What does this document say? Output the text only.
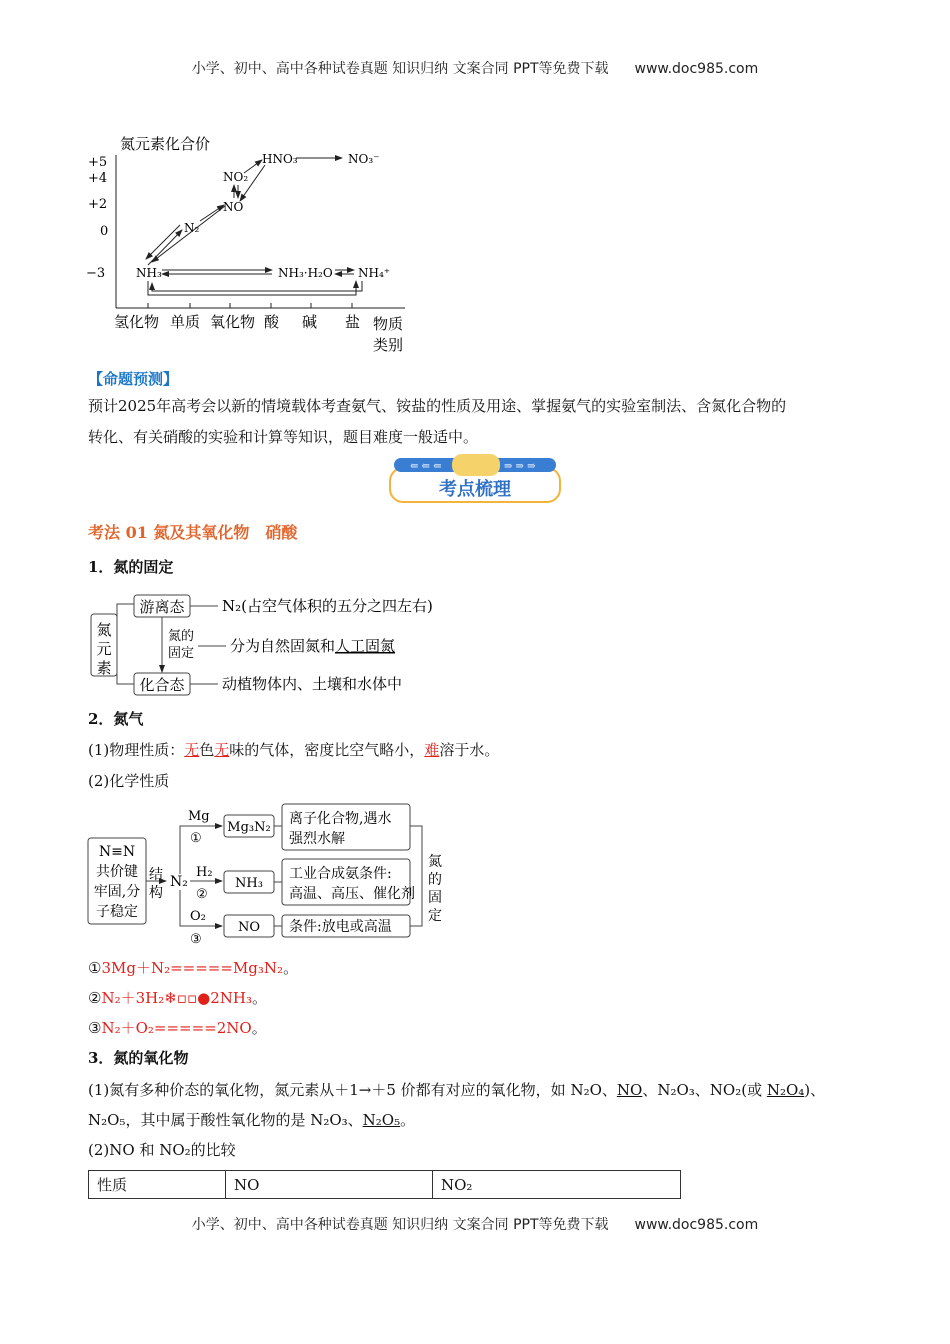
小学、初中、高中各种试卷真题 知识归纳 文案合同 PPT等免费下载 www.doc985.com
氮元素化合价
+5
+4
+2
0
−3
氢化物 单质 氧化物 酸 碱 盐 物质
类别
HNO₃	NO₃⁻
NO₂
NO
N₂
NH₃	NH₃·H₂O NH₄⁺
【命题预测】
预计2025年高考会以新的情境载体考查氨气、铵盐的性质及用途、掌握氨气的实验室制法、含氮化合物的
转化、有关硝酸的实验和计算等知识，题目难度一般适中。
⇚ ⇚ ⇚	⇛ ⇛ ⇛
考点梳理
考法 01 氮及其氧化物　硝酸
1．氮的固定
氮
元
素
游离态
化合态
氮的
固定
N₂(占空气体积的五分之四左右)
分为自然固氮和人工固氮
动植物体内、土壤和水体中
2．氮气
(1)物理性质：无色无味的气体，密度比空气略小，难溶于水。
(2)化学性质
N≡N
共价键
牢固,分
子稳定
结
构
N₂
Mg
①
H₂
②
O₂
③
Mg₃N₂
NH₃
NO
离子化合物,遇水
强烈水解
工业合成氨条件:
高温、高压、催化剂
条件:放电或高温
氮
的
固
定
①3Mg＋N₂=====Mg₃N₂。
②N₂＋3H₂❄▫▫●2NH₃。
③N₂＋O₂=====2NO。
3．氮的氧化物
(1)氮有多种价态的氧化物，氮元素从＋1→＋5 价都有对应的氧化物，如 N₂O、NO、N₂O₃、NO₂(或 N₂O₄)、
N₂O₅，其中属于酸性氧化物的是 N₂O₃、N₂O₅。
(2)NO 和 NO₂的比较
性质	NO	NO₂
小学、初中、高中各种试卷真题 知识归纳 文案合同 PPT等免费下载 www.doc985.com
